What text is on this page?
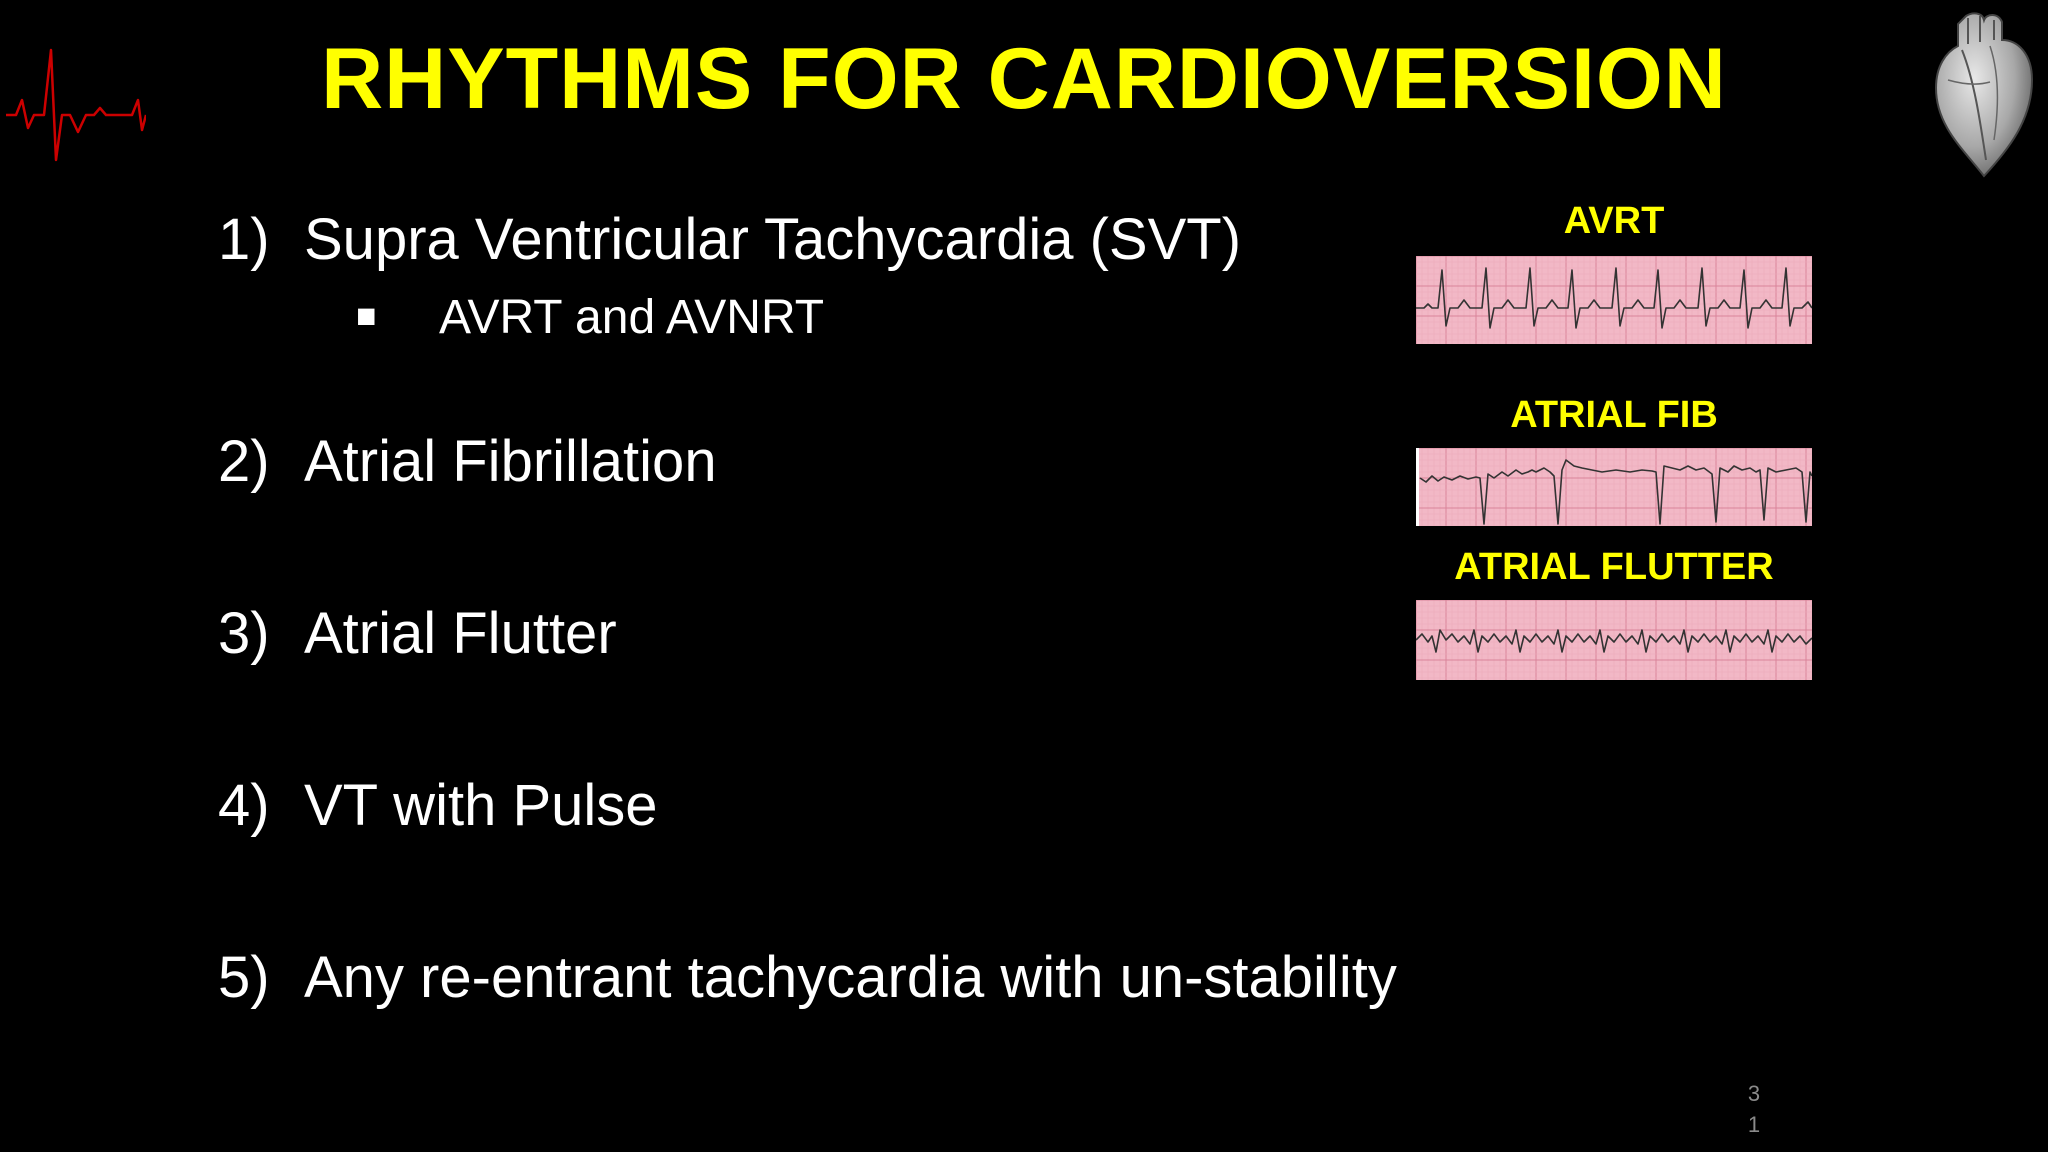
RHYTHMS FOR CARDIOVERSION
1) Supra Ventricular Tachycardia (SVT)
■ AVRT and AVNRT
2) Atrial Fibrillation
3) Atrial Flutter
4) VT with Pulse
5) Any re-entrant tachycardia with un-stability
AVRT
ATRIAL FIB
ATRIAL FLUTTER
3
1
